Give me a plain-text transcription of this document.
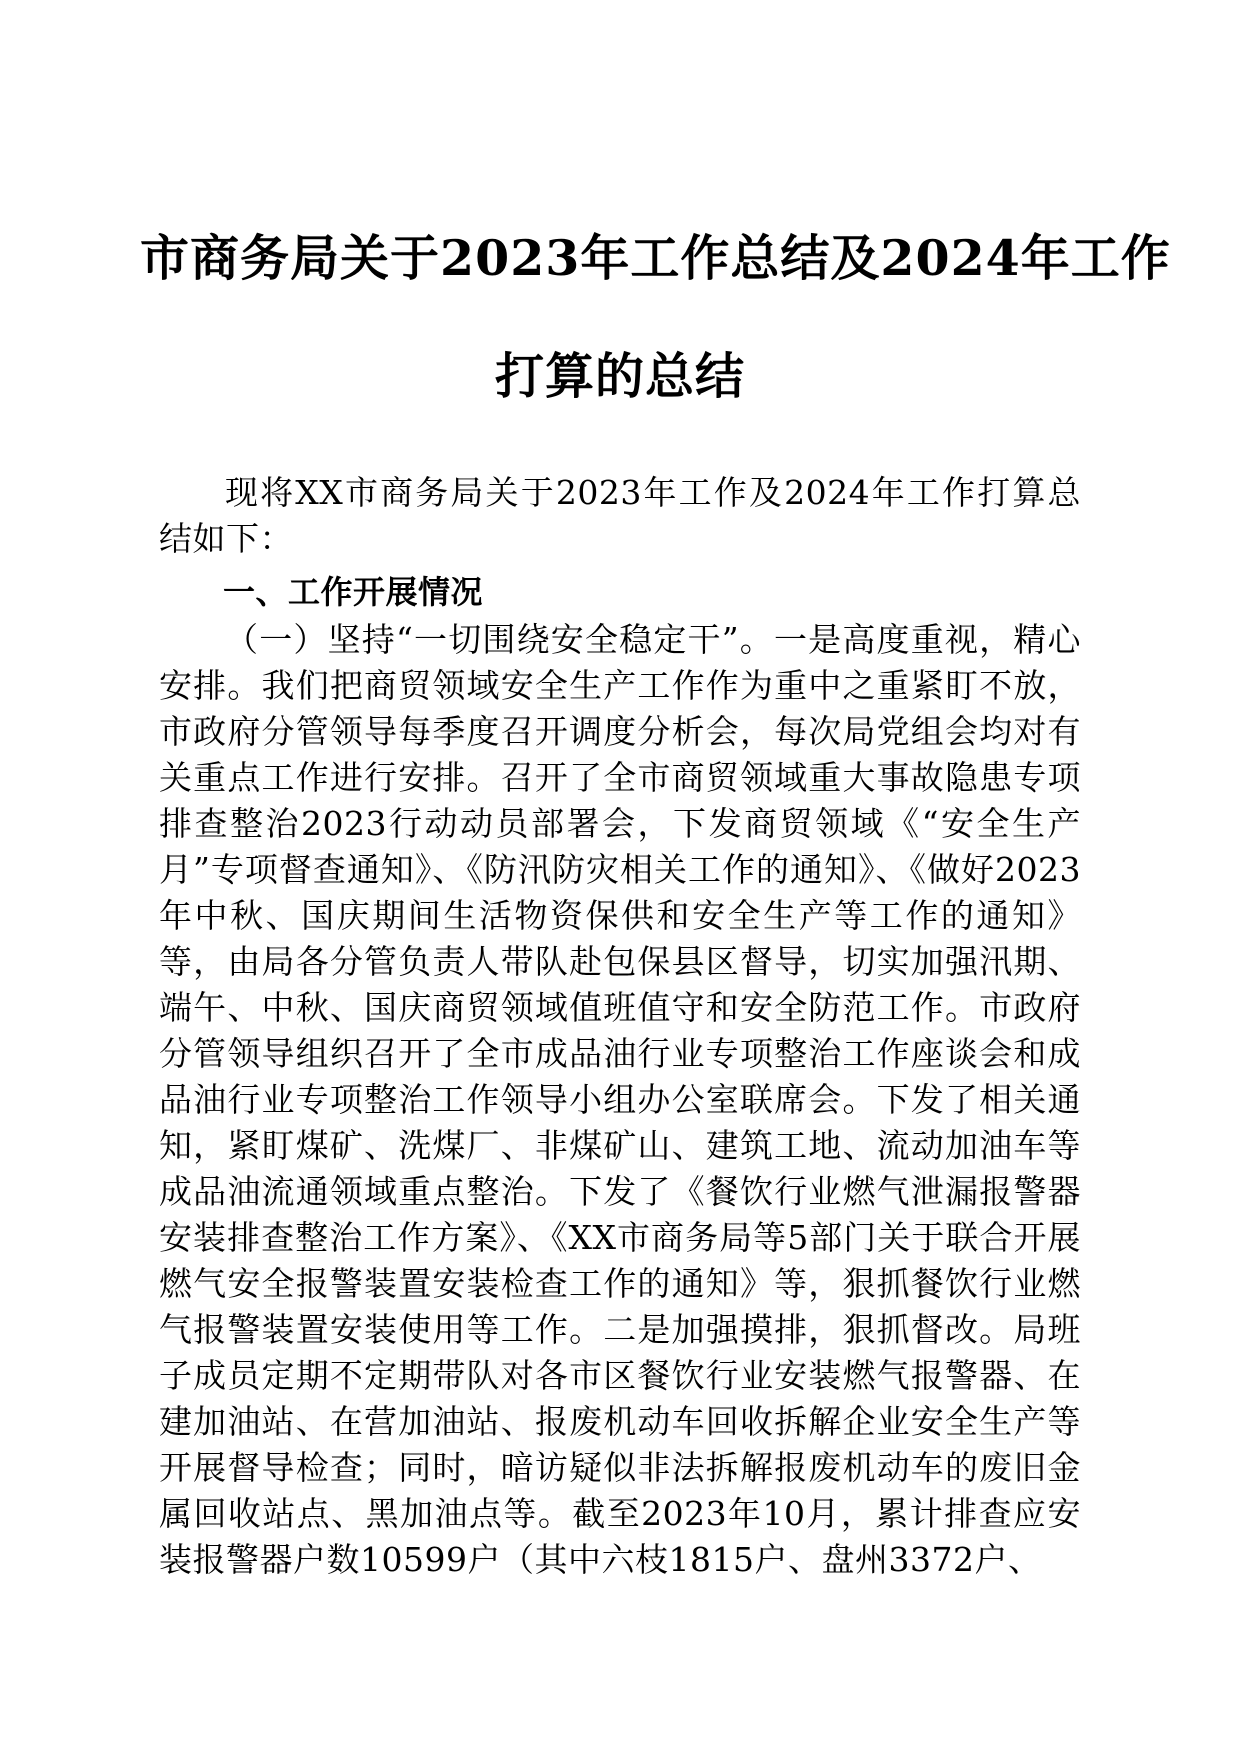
市商务局关于2023年工作总结及2024年工作
打算的总结

现将XX市商务局关于2023年工作及2024年工作打算总结如下：

一、工作开展情况

（一）坚持“一切围绕安全稳定干”。一是高度重视，精心安排。我们把商贸领域安全生产工作作为重中之重紧盯不放，市政府分管领导每季度召开调度分析会，每次局党组会均对有关重点工作进行安排。召开了全市商贸领域重大事故隐患专项排查整治2023行动动员部署会，下发商贸领域《“安全生产月”专项督查通知》、《防汛防灾相关工作的通知》、《做好2023年中秋、国庆期间生活物资保供和安全生产等工作的通知》等，由局各分管负责人带队赴包保县区督导，切实加强汛期、端午、中秋、国庆商贸领域值班值守和安全防范工作。市政府分管领导组织召开了全市成品油行业专项整治工作座谈会和成品油行业专项整治工作领导小组办公室联席会。下发了相关通知，紧盯煤矿、洗煤厂、非煤矿山、建筑工地、流动加油车等成品油流通领域重点整治。下发了《餐饮行业燃气泄漏报警器安装排查整治工作方案》、《XX市商务局等5部门关于联合开展燃气安全报警装置安装检查工作的通知》等，狠抓餐饮行业燃气报警装置安装使用等工作。二是加强摸排，狠抓督改。局班子成员定期不定期带队对各市区餐饮行业安装燃气报警器、在建加油站、在营加油站、报废机动车回收拆解企业安全生产等开展督导检查；同时，暗访疑似非法拆解报废机动车的废旧金属回收站点、黑加油点等。截至2023年10月，累计排查应安装报警器户数10599户（其中六枝1815户、盘州3372户、
